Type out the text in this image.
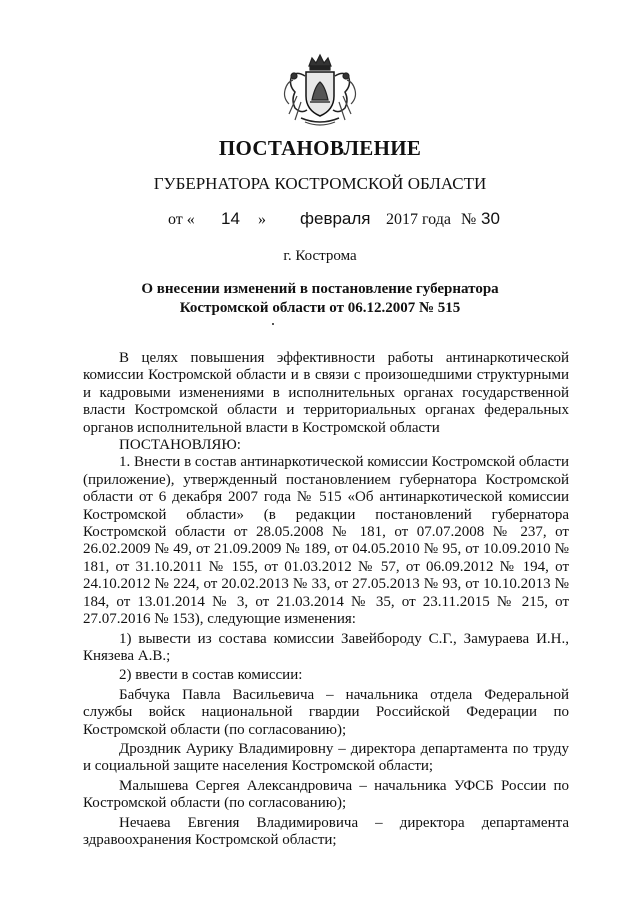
ПОСТАНОВЛЕНИЕ
ГУБЕРНАТОРА КОСТРОМСКОЙ ОБЛАСТИ
от « 14 » февраля 2017 года № 30
г. Кострома
О внесении изменений в постановление губернатора Костромской области от 06.12.2007 № 515

В целях повышения эффективности работы антинаркотической комиссии Костромской области и в связи с произошедшими структурными и кадровыми изменениями в исполнительных органах государственной власти Костромской области и территориальных органах федеральных органов исполнительной власти в Костромской области

ПОСТАНОВЛЯЮ:

1. Внести в состав антинаркотической комиссии Костромской области (приложение), утвержденный постановлением губернатора Костромской области от 6 декабря 2007 года № 515 «Об антинаркотической комиссии Костромской области» (в редакции постановлений губернатора Костромской области от 28.05.2008 № 181, от 07.07.2008 № 237, от 26.02.2009 № 49, от 21.09.2009 № 189, от 04.05.2010 № 95, от 10.09.2010 № 181, от 31.10.2011 № 155, от 01.03.2012 № 57, от 06.09.2012 № 194, от 24.10.2012 № 224, от 20.02.2013 № 33, от 27.05.2013 № 93, от 10.10.2013 № 184, от 13.01.2014 № 3, от 21.03.2014 № 35, от 23.11.2015 № 215, от 27.07.2016 № 153), следующие изменения:

1) вывести из состава комиссии Завейбороду С.Г., Замураева И.Н., Князева А.В.;

2) ввести в состав комиссии:

Бабчука Павла Васильевича – начальника отдела Федеральной службы войск национальной гвардии Российской Федерации по Костромской области (по согласованию);

Дроздник Аурику Владимировну – директора департамента по труду и социальной защите населения Костромской области;

Малышева Сергея Александровича – начальника УФСБ России по Костромской области (по согласованию);

Нечаева Евгения Владимировича – директора департамента здравоохранения Костромской области;
